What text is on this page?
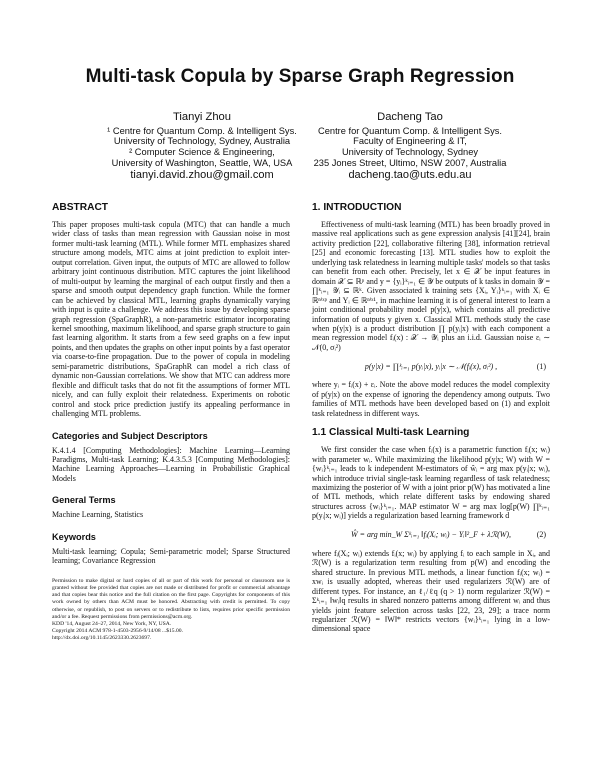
Multi-task Copula by Sparse Graph Regression
Tianyi Zhou
¹ Centre for Quantum Comp. & Intelligent Sys.
University of Technology, Sydney, Australia
² Computer Science & Engineering,
University of Washington, Seattle, WA, USA
tianyi.david.zhou@gmail.com
Dacheng Tao
Centre for Quantum Comp. & Intelligent Sys.
Faculty of Engineering & IT,
University of Technology, Sydney
235 Jones Street, Ultimo, NSW 2007, Australia
dacheng.tao@uts.edu.au
ABSTRACT

This paper proposes multi-task copula (MTC) that can handle a much wider class of tasks than mean regression with Gaussian noise in most former multi-task learning (MTL). While former MTL emphasizes shared structure among models, MTC aims at joint prediction to exploit inter-output correlation. Given input, the outputs of MTC are allowed to follow arbitrary joint continuous distribution. MTC captures the joint likelihood of multi-output by learning the marginal of each output firstly and then a sparse and smooth output dependency graph function. While the former can be achieved by classical MTL, learning graphs dynamically varying with input is quite a challenge. We address this issue by developing sparse graph regression (SpaGraphR), a non-parametric estimator incorporating kernel smoothing, maximum likelihood, and sparse graph structure to gain fast learning algorithm. It starts from a few seed graphs on a few input points, and then updates the graphs on other input points by a fast operator via coarse-to-fine propagation. Due to the power of copula in modeling semi-parametric distributions, SpaGraphR can model a rich class of dynamic non-Gaussian correlations. We show that MTC can address more flexible and difficult tasks that do not fit the assumptions of former MTL nicely, and can fully exploit their relatedness. Experiments on robotic control and stock price prediction justify its appealing performance in challenging MTL problems.

Categories and Subject Descriptors

K.4.1.4 [Computing Methodologies]: Machine Learning—Learning Paradigms, Multi-task Learning; K.4.3.5.3 [Computing Methodologies]: Machine Learning Approaches—Learning in Probabilistic Graphical Models

General Terms

Machine Learning, Statistics

Keywords

Multi-task learning; Copula; Semi-parametric model; Sparse Structured learning; Covariance Regression

Permission to make digital or hard copies of all or part of this work for personal or classroom use is granted without fee provided that copies are not made or distributed for profit or commercial advantage and that copies bear this notice and the full citation on the first page. Copyrights for components of this work owned by others than ACM must be honored. Abstracting with credit is permitted. To copy otherwise, or republish, to post on servers or to redistribute to lists, requires prior specific permission and/or a fee. Request permissions from permissions@acm.org.

KDD '14, August 24–27, 2014, New York, NY, USA.
Copyright 2014 ACM 978-1-4503-2956-9/14/08 ...$15.00.
http://dx.doi.org/10.1145/2623330.2623697.
1. INTRODUCTION

Effectiveness of multi-task learning (MTL) has been broadly proved in massive real applications such as gene expression analysis [41][24], brain activity prediction [22], collaborative filtering [38], information retrieval [25] and economic forecasting [13]. MTL studies how to exploit the underlying task relatedness in learning multiple tasks' models so that tasks can benefit from each other. Precisely, let x ∈ 𝒳 be input features in domain 𝒳 ⊆ ℝᵖ and y = {yᵢ}ᵏᵢ₌₁ ∈ 𝒴 be outputs of k tasks in domain 𝒴 = ∏ᵏᵢ₌₁ 𝒴ᵢ ⊆ ℝᵏ. Given associated k training sets {Xᵢ, Yᵢ}ᵏᵢ₌₁ with Xᵢ ∈ ℝⁿⁱˣᵖ and Yᵢ ∈ ℝⁿⁱˣ¹, in machine learning it is of general interest to learn a joint conditional probability model p(y|x), which contains all predictive information of outputs y given x. Classical MTL methods study the case when p(y|x) is a product distribution ∏ p(yᵢ|x) with each component a mean regression model fᵢ(x) : 𝒳 → 𝒴ᵢ plus an i.i.d. Gaussian noise εᵢ ∼ 𝒩(0, σᵢ²)

p(y|x) = ∏ᵏᵢ₌₁ p(yᵢ|x), yᵢ|x ∼ 𝒩(fᵢ(x), σᵢ²) ,	(1)

where yᵢ = fᵢ(x) + εᵢ. Note the above model reduces the model complexity of p(y|x) on the expense of ignoring the dependency among outputs. Two families of MTL methods have been developed based on (1) and exploit task relatedness in different ways.

1.1 Classical Multi-task Learning

We first consider the case when fᵢ(x) is a parametric function fᵢ(x; wᵢ) with parameter wᵢ. While maximizing the likelihood p(y|x; W) with W = {wᵢ}ᵏᵢ₌₁ leads to k independent M-estimators of ŵᵢ = arg max p(yᵢ|x; wᵢ), which introduce trivial single-task learning regardless of task relatedness; maximizing the posterior of W with a joint prior p(W) has motivated a line of MTL methods, which relate different tasks by endowing shared structures across {wᵢ}ᵏᵢ₌₁. MAP estimator W = arg max log[p(W) ∏ᵏᵢ₌₁ p(yᵢ|x; wᵢ)] yields a regularization based learning framework d

Ŵ = arg min_W Σᵏᵢ₌₁ ‖fᵢ(Xᵢ; wᵢ) − Yᵢ‖²_F + λℛ(W),	(2)

where fᵢ(Xᵢ; wᵢ) extends fᵢ(x; wᵢ) by applying fᵢ to each sample in Xᵢ, and ℛ(W) is a regularization term resulting from p(W) and encoding the shared structure. In previous MTL methods, a linear function fᵢ(x; wᵢ) = xwᵢ is usually adopted, whereas their used regularizers ℛ(W) are of different types. For instance, an ℓ₁/ℓq (q > 1) norm regularizer ℛ(W) = Σᵏᵢ₌₁ ‖wᵢ‖q results in shared nonzero patterns among different wᵢ and thus yields joint feature selection across tasks [22, 23, 29]; a trace norm regularizer ℛ(W) = ‖W‖* restricts vectors {wᵢ}ᵏᵢ₌₁ lying in a low-dimensional space
